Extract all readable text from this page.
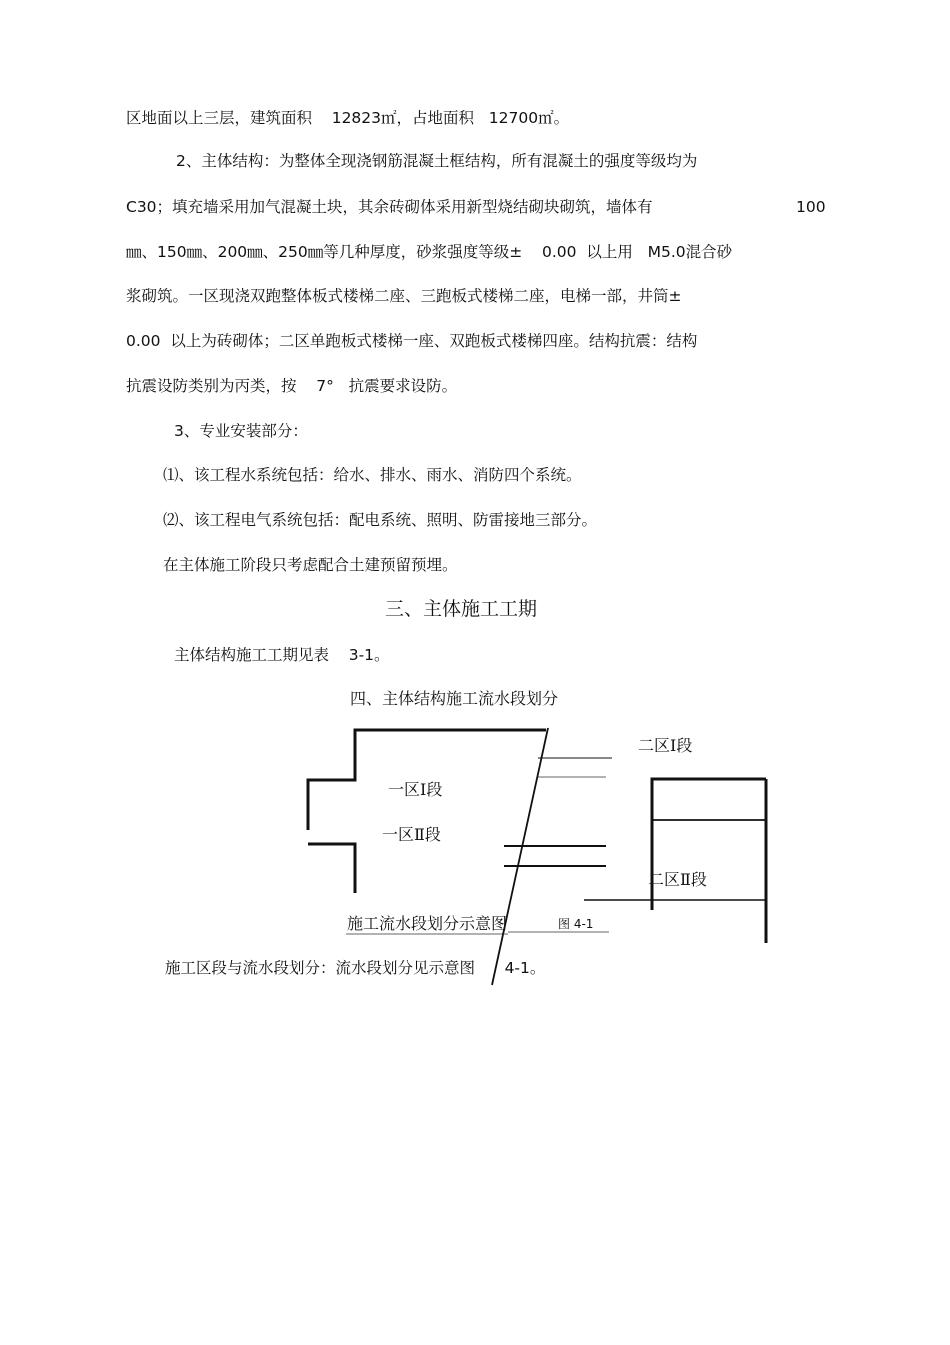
区地面以上三层，建筑面积    12823㎡，占地面积   12700㎡。
2、主体结构：为整体全现浇钢筋混凝土框结构，所有混凝土的强度等级均为
C30；填充墙采用加气混凝土块，其余砖砌体采用新型烧结砌块砌筑，墙体有	100
㎜、150㎜、200㎜、250㎜等几种厚度，砂浆强度等级±    0.00  以上用   M5.0混合砂
浆砌筑。一区现浇双跑整体板式楼梯二座、三跑板式楼梯二座，电梯一部，井筒±
0.00  以上为砖砌体；二区单跑板式楼梯一座、双跑板式楼梯四座。结构抗震：结构
抗震设防类别为丙类，按    7°   抗震要求设防。
3、专业安装部分：
⑴、该工程水系统包括：给水、排水、雨水、消防四个系统。
⑵、该工程电气系统包括：配电系统、照明、防雷接地三部分。
在主体施工阶段只考虑配合土建预留预埋。
三、主体施工工期
主体结构施工工期见表    3-1。
四、主体结构施工流水段划分
一区Ⅰ段
一区Ⅱ段
二区Ⅰ段
二区Ⅱ段
施工流水段划分示意图	图 4-1
施工区段与流水段划分：流水段划分见示意图      4-1。
